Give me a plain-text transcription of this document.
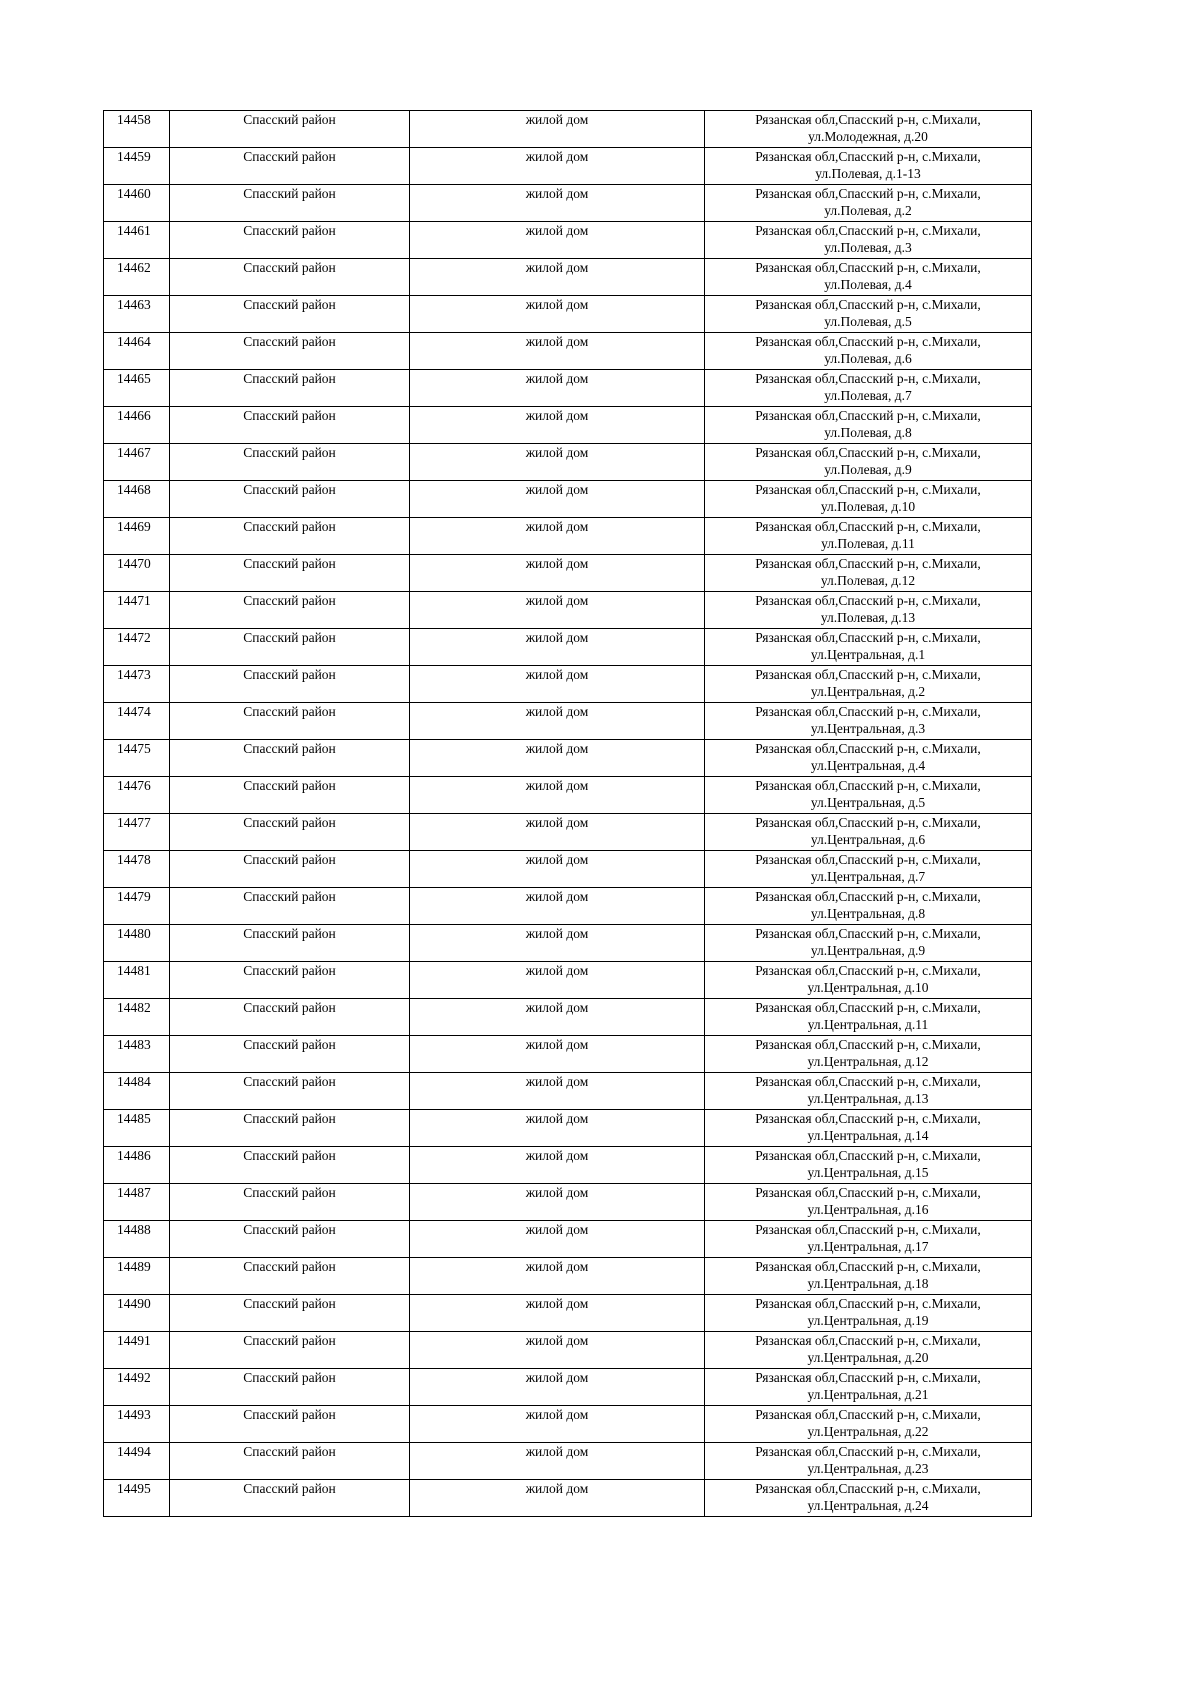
14458	Спасский район	жилой дом	Рязанская обл,Спасский р-н, с.Михали,
ул.Молодежная, д.20

14459	Спасский район	жилой дом	Рязанская обл,Спасский р-н, с.Михали,
ул.Полевая, д.1-13

14460	Спасский район	жилой дом	Рязанская обл,Спасский р-н, с.Михали,
ул.Полевая, д.2

14461	Спасский район	жилой дом	Рязанская обл,Спасский р-н, с.Михали,
ул.Полевая, д.3

14462	Спасский район	жилой дом	Рязанская обл,Спасский р-н, с.Михали,
ул.Полевая, д.4

14463	Спасский район	жилой дом	Рязанская обл,Спасский р-н, с.Михали,
ул.Полевая, д.5

14464	Спасский район	жилой дом	Рязанская обл,Спасский р-н, с.Михали,
ул.Полевая, д.6

14465	Спасский район	жилой дом	Рязанская обл,Спасский р-н, с.Михали,
ул.Полевая, д.7

14466	Спасский район	жилой дом	Рязанская обл,Спасский р-н, с.Михали,
ул.Полевая, д.8

14467	Спасский район	жилой дом	Рязанская обл,Спасский р-н, с.Михали,
ул.Полевая, д.9

14468	Спасский район	жилой дом	Рязанская обл,Спасский р-н, с.Михали,
ул.Полевая, д.10

14469	Спасский район	жилой дом	Рязанская обл,Спасский р-н, с.Михали,
ул.Полевая, д.11

14470	Спасский район	жилой дом	Рязанская обл,Спасский р-н, с.Михали,
ул.Полевая, д.12

14471	Спасский район	жилой дом	Рязанская обл,Спасский р-н, с.Михали,
ул.Полевая, д.13

14472	Спасский район	жилой дом	Рязанская обл,Спасский р-н, с.Михали,
ул.Центральная, д.1

14473	Спасский район	жилой дом	Рязанская обл,Спасский р-н, с.Михали,
ул.Центральная, д.2

14474	Спасский район	жилой дом	Рязанская обл,Спасский р-н, с.Михали,
ул.Центральная, д.3

14475	Спасский район	жилой дом	Рязанская обл,Спасский р-н, с.Михали,
ул.Центральная, д.4

14476	Спасский район	жилой дом	Рязанская обл,Спасский р-н, с.Михали,
ул.Центральная, д.5

14477	Спасский район	жилой дом	Рязанская обл,Спасский р-н, с.Михали,
ул.Центральная, д.6

14478	Спасский район	жилой дом	Рязанская обл,Спасский р-н, с.Михали,
ул.Центральная, д.7

14479	Спасский район	жилой дом	Рязанская обл,Спасский р-н, с.Михали,
ул.Центральная, д.8

14480	Спасский район	жилой дом	Рязанская обл,Спасский р-н, с.Михали,
ул.Центральная, д.9

14481	Спасский район	жилой дом	Рязанская обл,Спасский р-н, с.Михали,
ул.Центральная, д.10

14482	Спасский район	жилой дом	Рязанская обл,Спасский р-н, с.Михали,
ул.Центральная, д.11

14483	Спасский район	жилой дом	Рязанская обл,Спасский р-н, с.Михали,
ул.Центральная, д.12

14484	Спасский район	жилой дом	Рязанская обл,Спасский р-н, с.Михали,
ул.Центральная, д.13

14485	Спасский район	жилой дом	Рязанская обл,Спасский р-н, с.Михали,
ул.Центральная, д.14

14486	Спасский район	жилой дом	Рязанская обл,Спасский р-н, с.Михали,
ул.Центральная, д.15

14487	Спасский район	жилой дом	Рязанская обл,Спасский р-н, с.Михали,
ул.Центральная, д.16

14488	Спасский район	жилой дом	Рязанская обл,Спасский р-н, с.Михали,
ул.Центральная, д.17

14489	Спасский район	жилой дом	Рязанская обл,Спасский р-н, с.Михали,
ул.Центральная, д.18

14490	Спасский район	жилой дом	Рязанская обл,Спасский р-н, с.Михали,
ул.Центральная, д.19

14491	Спасский район	жилой дом	Рязанская обл,Спасский р-н, с.Михали,
ул.Центральная, д.20

14492	Спасский район	жилой дом	Рязанская обл,Спасский р-н, с.Михали,
ул.Центральная, д.21

14493	Спасский район	жилой дом	Рязанская обл,Спасский р-н, с.Михали,
ул.Центральная, д.22

14494	Спасский район	жилой дом	Рязанская обл,Спасский р-н, с.Михали,
ул.Центральная, д.23

14495	Спасский район	жилой дом	Рязанская обл,Спасский р-н, с.Михали,
ул.Центральная, д.24
